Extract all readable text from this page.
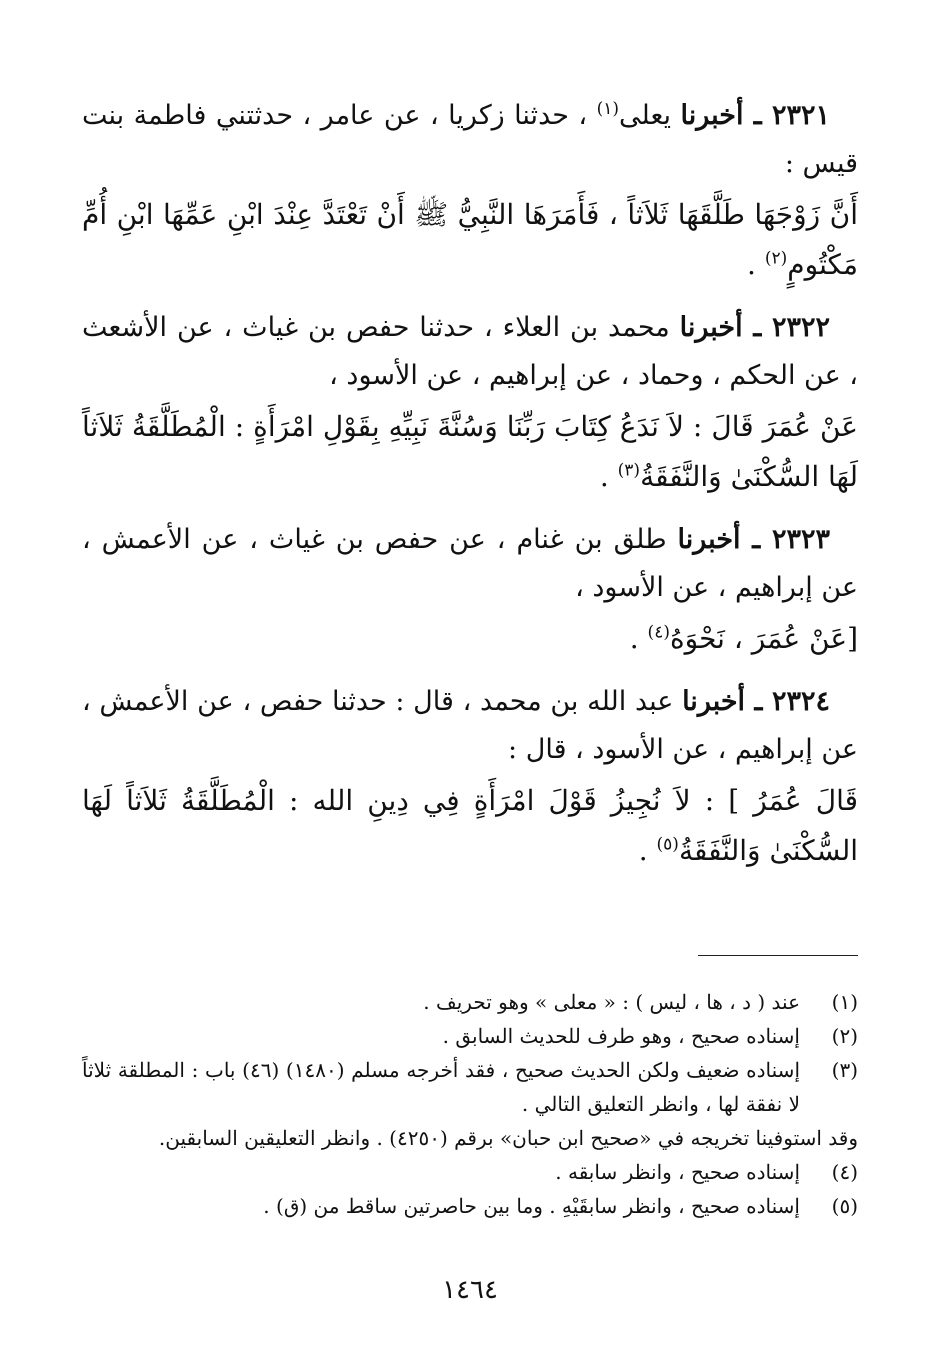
٢٣٢١ ـ أخبرنا يعلى$^{(١)}$ ، حدثنا زكريا ، عن عامر ، حدثتني فاطمة بنت قيس :

أَنَّ زَوْجَهَا طَلَّقَهَا ثَلاَثاً ، فَأَمَرَهَا النَّبِيُّ ﷺ أَنْ تَعْتَدَّ عِنْدَ ابْنِ عَمِّهَا ابْنِ أُمِّ مَكْتُومٍ$^{(٢)}$ .

٢٣٢٢ ـ أخبرنا محمد بن العلاء ، حدثنا حفص بن غياث ، عن الأشعث ، عن الحكم ، وحماد ، عن إبراهيم ، عن الأسود ،

عَنْ عُمَرَ قَالَ : لاَ نَدَعُ كِتَابَ رَبِّنَا وَسُنَّةَ نَبِيِّهِ بِقَوْلِ امْرَأَةٍ : الْمُطَلَّقَةُ ثَلاَثاً لَهَا السُّكْنَىٰ وَالنَّفَقَةُ$^{(٣)}$ .

٢٣٢٣ ـ أخبرنا طلق بن غنام ، عن حفص بن غياث ، عن الأعمش ، عن إبراهيم ، عن الأسود ،

[عَنْ عُمَرَ ، نَحْوَهُ$^{(٤)}$ .

٢٣٢٤ ـ أخبرنا عبد الله بن محمد ، قال : حدثنا حفص ، عن الأعمش ، عن إبراهيم ، عن الأسود ، قال :

قَالَ عُمَرُ ] : لاَ نُجِيزُ قَوْلَ امْرَأَةٍ فِي دِينِ الله : الْمُطَلَّقَةُ ثَلاَثاً لَهَا السُّكْنَىٰ وَالنَّفَقَةُ$^{(٥)}$ .

(١)
عند ( د ، ها ، ليس ) : « معلى » وهو تحريف .

(٢)
إسناده صحيح ، وهو طرف للحديث السابق .

(٣)
إسناده ضعيف ولكن الحديث صحيح ، فقد أخرجه مسلم (١٤٨٠) (٤٦) باب : المطلقة ثلاثاً لا نفقة لها ، وانظر التعليق التالي .

وقد استوفينا تخريجه في «صحيح ابن حبان» برقم (٤٢٥٠) . وانظر التعليقين السابقين.

(٤)
إسناده صحيح ، وانظر سابقه .

(٥)
إسناده صحيح ، وانظر سابقَيْهِ . وما بين حاصرتين ساقط من (ق) .

١٤٦٤
